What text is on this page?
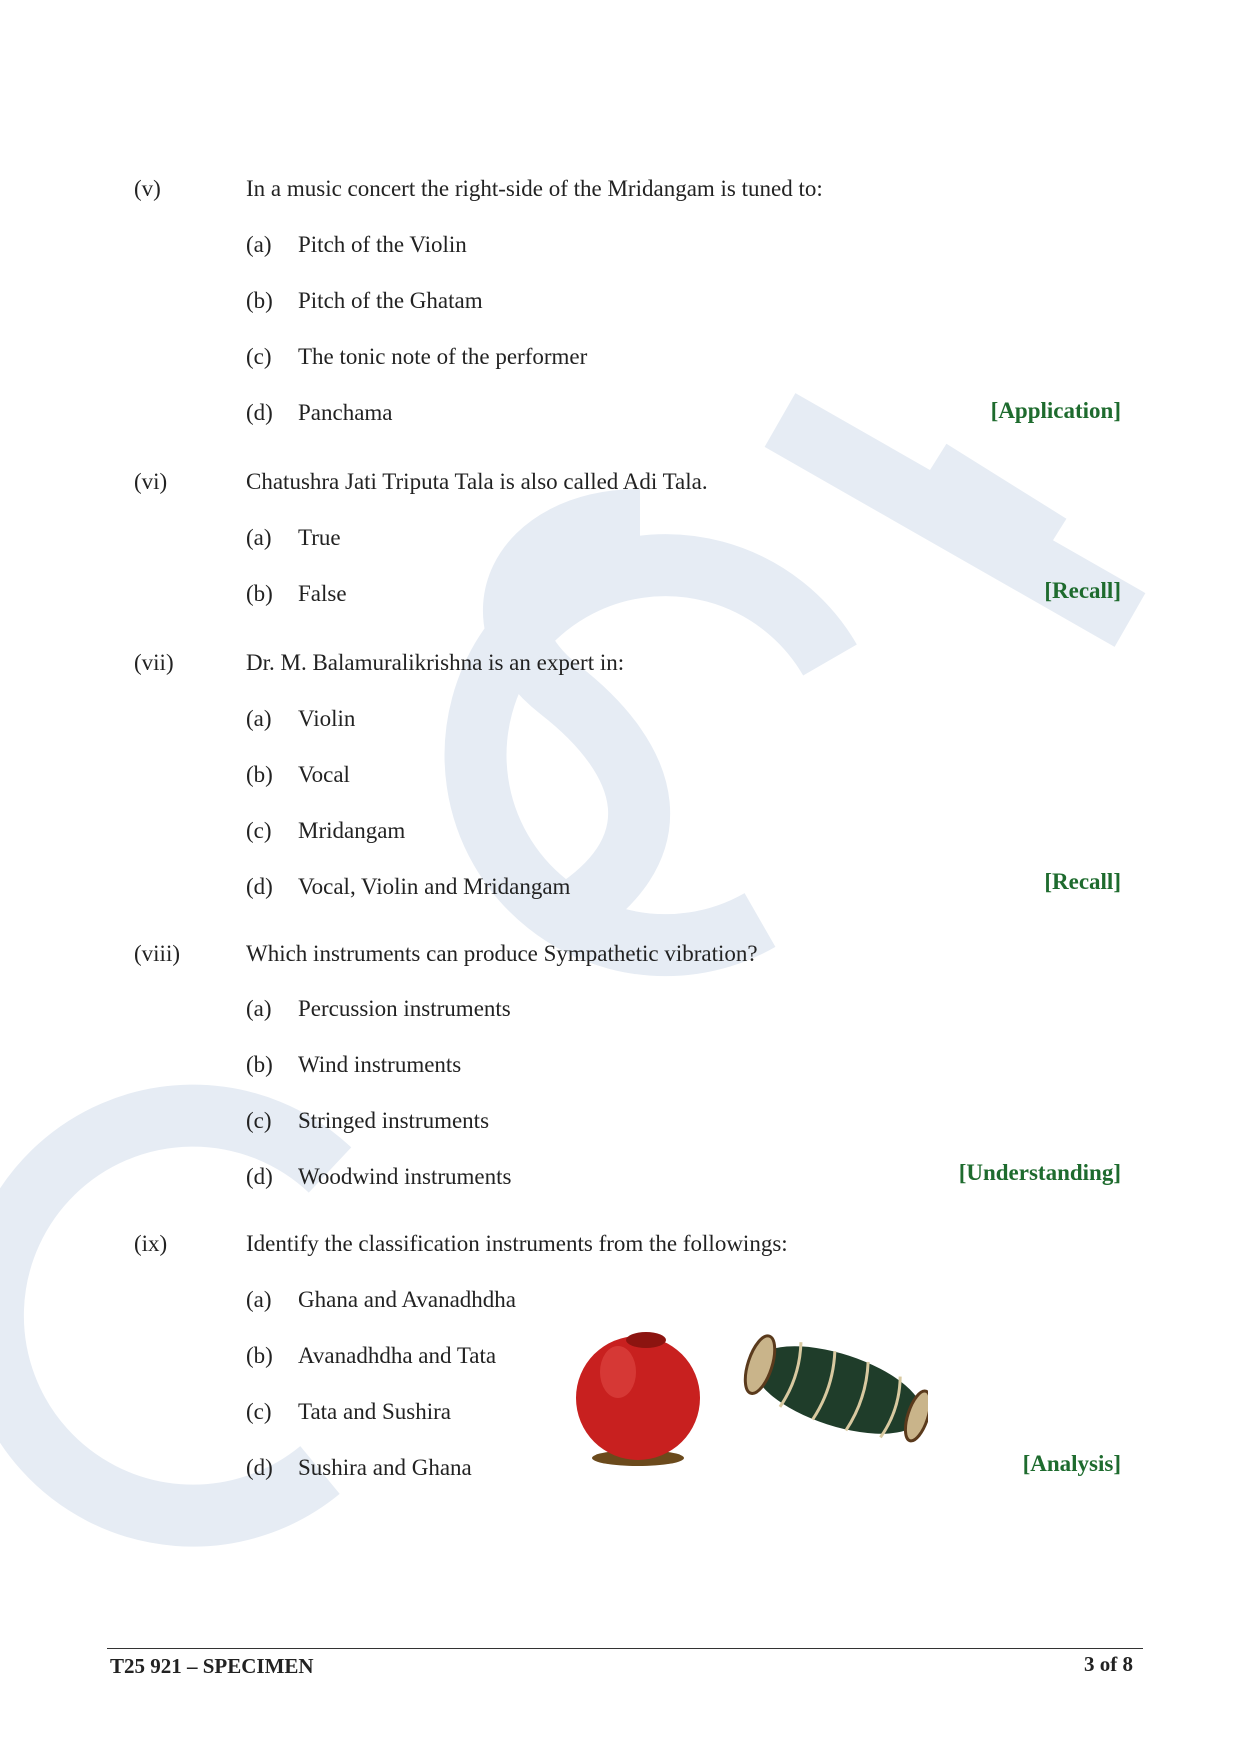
(v)	In a music concert the right-side of the Mridangam is tuned to:
(a) Pitch of the Violin
(b) Pitch of the Ghatam
(c) The tonic note of the performer
(d) Panchama	[Application]
(vi)	Chatushra Jati Triputa Tala is also called Adi Tala.
(a) True
(b) False	[Recall]
(vii)	Dr. M. Balamuralikrishna is an expert in:
(a) Violin
(b) Vocal
(c) Mridangam
(d) Vocal, Violin and Mridangam	[Recall]
(viii)	Which instruments can produce Sympathetic vibration?
(a) Percussion instruments
(b) Wind instruments
(c) Stringed instruments
(d) Woodwind instruments	[Understanding]
(ix)	Identify the classification instruments from the followings:
(a) Ghana and Avanadhdha
(b) Avanadhdha and Tata
(c) Tata and Sushira
(d) Sushira and Ghana	[Analysis]
T25 921 – SPECIMEN	3 of 8
